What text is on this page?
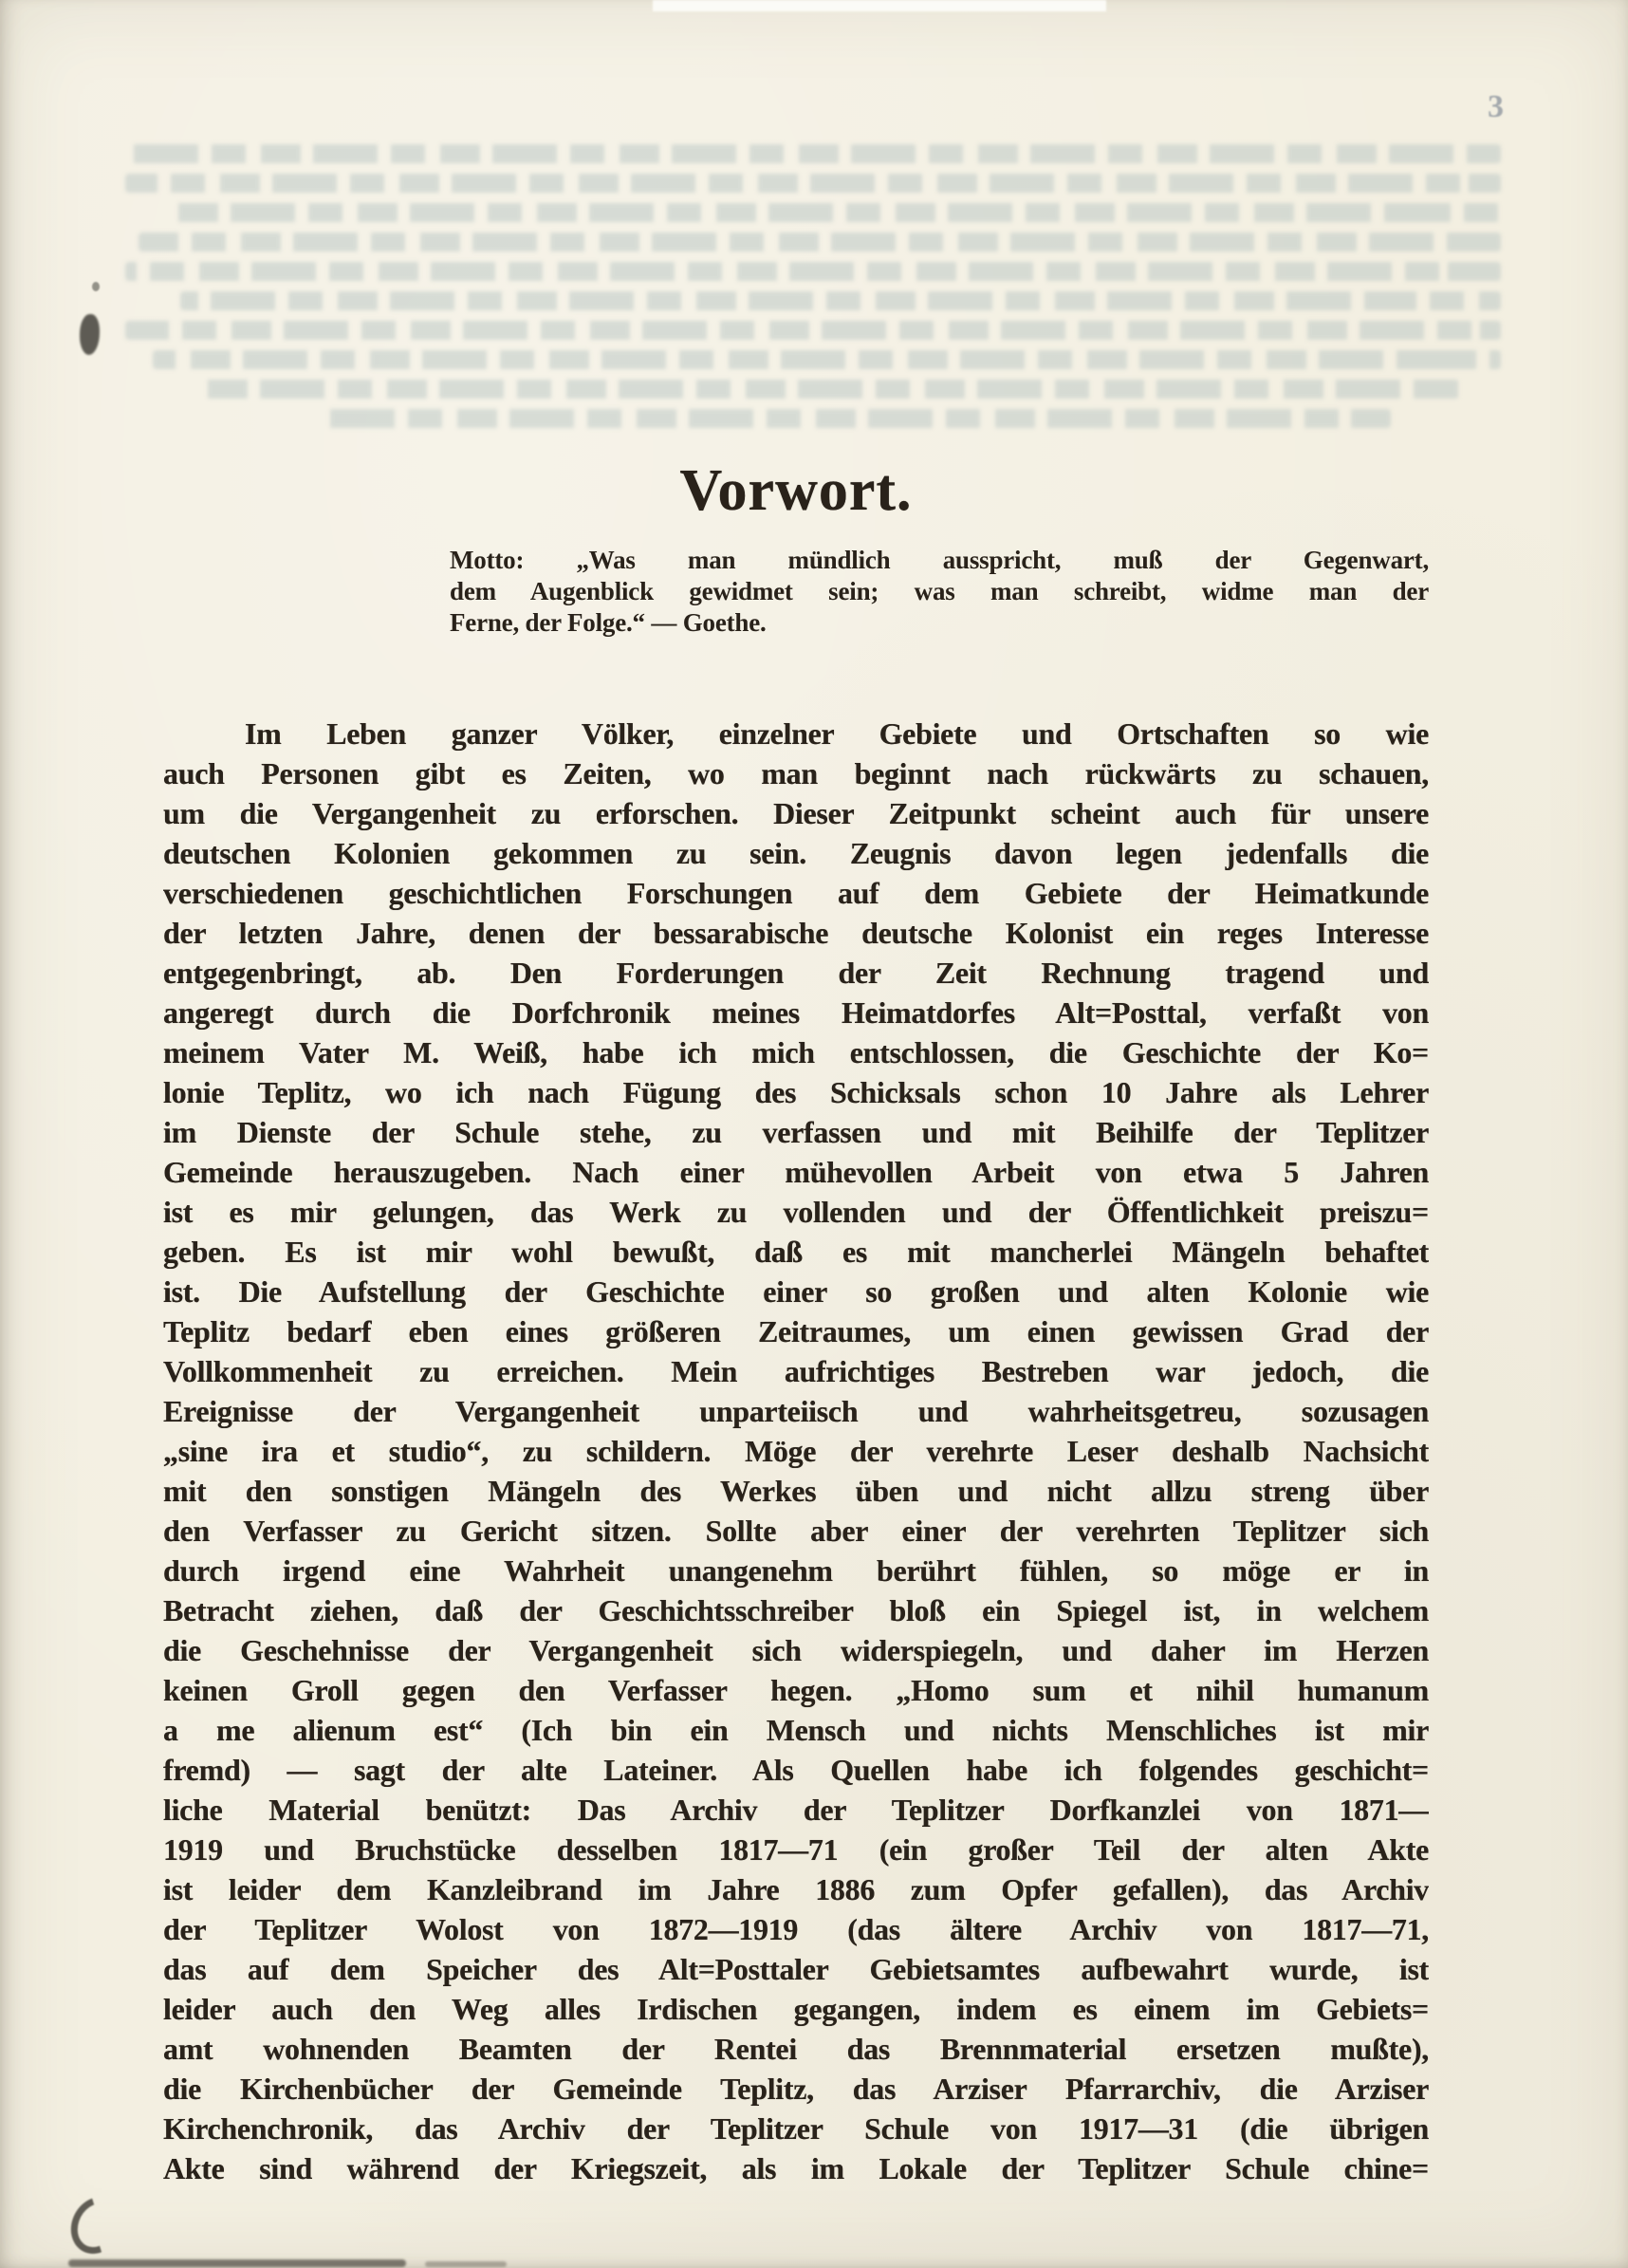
3
Vorwort.
Motto: „Was man mündlich ausspricht, muß der Gegenwart,
dem Augenblick gewidmet sein; was man schreibt, widme man der
Ferne, der Folge.“ — Goethe.
Im Leben ganzer Völker, einzelner Gebiete und Ortschaften so wie
auch Personen gibt es Zeiten, wo man beginnt nach rückwärts zu schauen,
um die Vergangenheit zu erforschen. Dieser Zeitpunkt scheint auch für unsere
deutschen Kolonien gekommen zu sein. Zeugnis davon legen jedenfalls die
verschiedenen geschichtlichen Forschungen auf dem Gebiete der Heimatkunde
der letzten Jahre, denen der bessarabische deutsche Kolonist ein reges Interesse
entgegenbringt, ab. Den Forderungen der Zeit Rechnung tragend und
angeregt durch die Dorfchronik meines Heimatdorfes Alt=Posttal, verfaßt von
meinem Vater M. Weiß, habe ich mich entschlossen, die Geschichte der Ko=
lonie Teplitz, wo ich nach Fügung des Schicksals schon 10 Jahre als Lehrer
im Dienste der Schule stehe, zu verfassen und mit Beihilfe der Teplitzer
Gemeinde herauszugeben. Nach einer mühevollen Arbeit von etwa 5 Jahren
ist es mir gelungen, das Werk zu vollenden und der Öffentlichkeit preiszu=
geben. Es ist mir wohl bewußt, daß es mit mancherlei Mängeln behaftet
ist. Die Aufstellung der Geschichte einer so großen und alten Kolonie wie
Teplitz bedarf eben eines größeren Zeitraumes, um einen gewissen Grad der
Vollkommenheit zu erreichen. Mein aufrichtiges Bestreben war jedoch, die
Ereignisse der Vergangenheit unparteiisch und wahrheitsgetreu, sozusagen
„sine ira et studio“, zu schildern. Möge der verehrte Leser deshalb Nachsicht
mit den sonstigen Mängeln des Werkes üben und nicht allzu streng über
den Verfasser zu Gericht sitzen. Sollte aber einer der verehrten Teplitzer sich
durch irgend eine Wahrheit unangenehm berührt fühlen, so möge er in
Betracht ziehen, daß der Geschichtsschreiber bloß ein Spiegel ist, in welchem
die Geschehnisse der Vergangenheit sich widerspiegeln, und daher im Herzen
keinen Groll gegen den Verfasser hegen. „Homo sum et nihil humanum
a me alienum est“ (Ich bin ein Mensch und nichts Menschliches ist mir
fremd) — sagt der alte Lateiner. Als Quellen habe ich folgendes geschicht=
liche Material benützt: Das Archiv der Teplitzer Dorfkanzlei von 1871—
1919 und Bruchstücke desselben 1817—71 (ein großer Teil der alten Akte
ist leider dem Kanzleibrand im Jahre 1886 zum Opfer gefallen), das Archiv
der Teplitzer Wolost von 1872—1919 (das ältere Archiv von 1817—71,
das auf dem Speicher des Alt=Posttaler Gebietsamtes aufbewahrt wurde, ist
leider auch den Weg alles Irdischen gegangen, indem es einem im Gebiets=
amt wohnenden Beamten der Rentei das Brennmaterial ersetzen mußte),
die Kirchenbücher der Gemeinde Teplitz, das Arziser Pfarrarchiv, die Arziser
Kirchenchronik, das Archiv der Teplitzer Schule von 1917—31 (die übrigen
Akte sind während der Kriegszeit, als im Lokale der Teplitzer Schule chine=
